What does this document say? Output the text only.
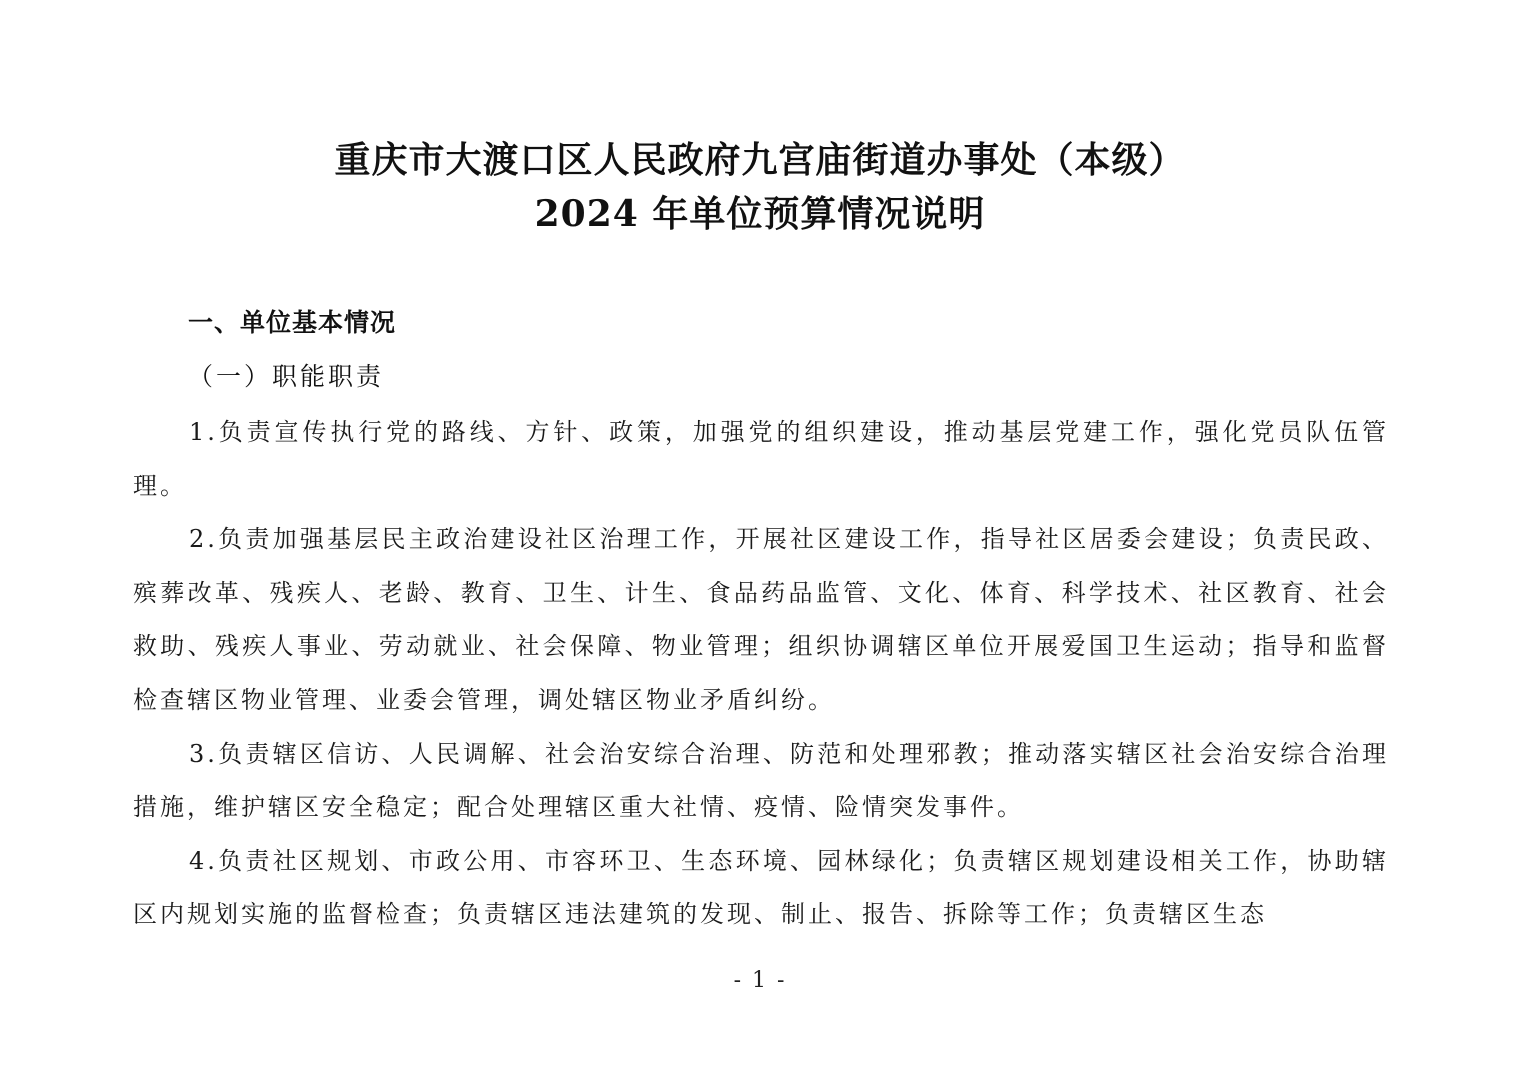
重庆市大渡口区人民政府九宫庙街道办事处（本级）
2024 年单位预算情况说明
一、单位基本情况
（一）职能职责

1.负责宣传执行党的路线、方针、政策，加强党的组织建设，推动基层党建工作，强化党员队伍管理。

2.负责加强基层民主政治建设社区治理工作，开展社区建设工作，指导社区居委会建设；负责民政、殡葬改革、残疾人、老龄、教育、卫生、计生、食品药品监管、文化、体育、科学技术、社区教育、社会救助、残疾人事业、劳动就业、社会保障、物业管理；组织协调辖区单位开展爱国卫生运动；指导和监督检查辖区物业管理、业委会管理，调处辖区物业矛盾纠纷。

3.负责辖区信访、人民调解、社会治安综合治理、防范和处理邪教；推动落实辖区社会治安综合治理措施，维护辖区安全稳定；配合处理辖区重大社情、疫情、险情突发事件。

4.负责社区规划、市政公用、市容环卫、生态环境、园林绿化；负责辖区规划建设相关工作，协助辖区内规划实施的监督检查；负责辖区违法建筑的发现、制止、报告、拆除等工作；负责辖区生态

- 1 -
